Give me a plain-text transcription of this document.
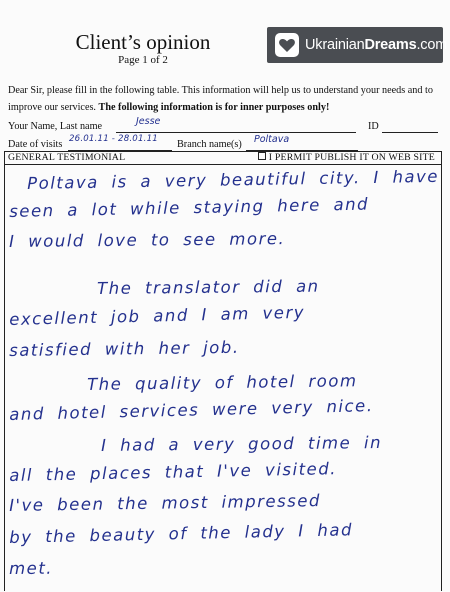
Client’s opinion
Page 1 of 2
UkrainianDreams.com
Dear Sir, please fill in the following table. This information will help us to understand your needs and to improve our services. The following information is for inner purposes only!
Your Name, Last name	Jesse	ID
Date of visits 26.01.11 - 28.01.11 Branch name(s) Poltava
GENERAL TESTIMONIAL	I PERMIT PUBLISH IT ON WEB SITE

Poltava is a very beautiful city. I have

seen a lot while staying here and

I would love to see more.

The translator did an

excellent job and I am very

satisfied with her job.

The quality of hotel room

and hotel services were very nice.

I had a very good time in

all the places that I've visited.

I've been the most impressed

by the beauty of the lady I had

met.
